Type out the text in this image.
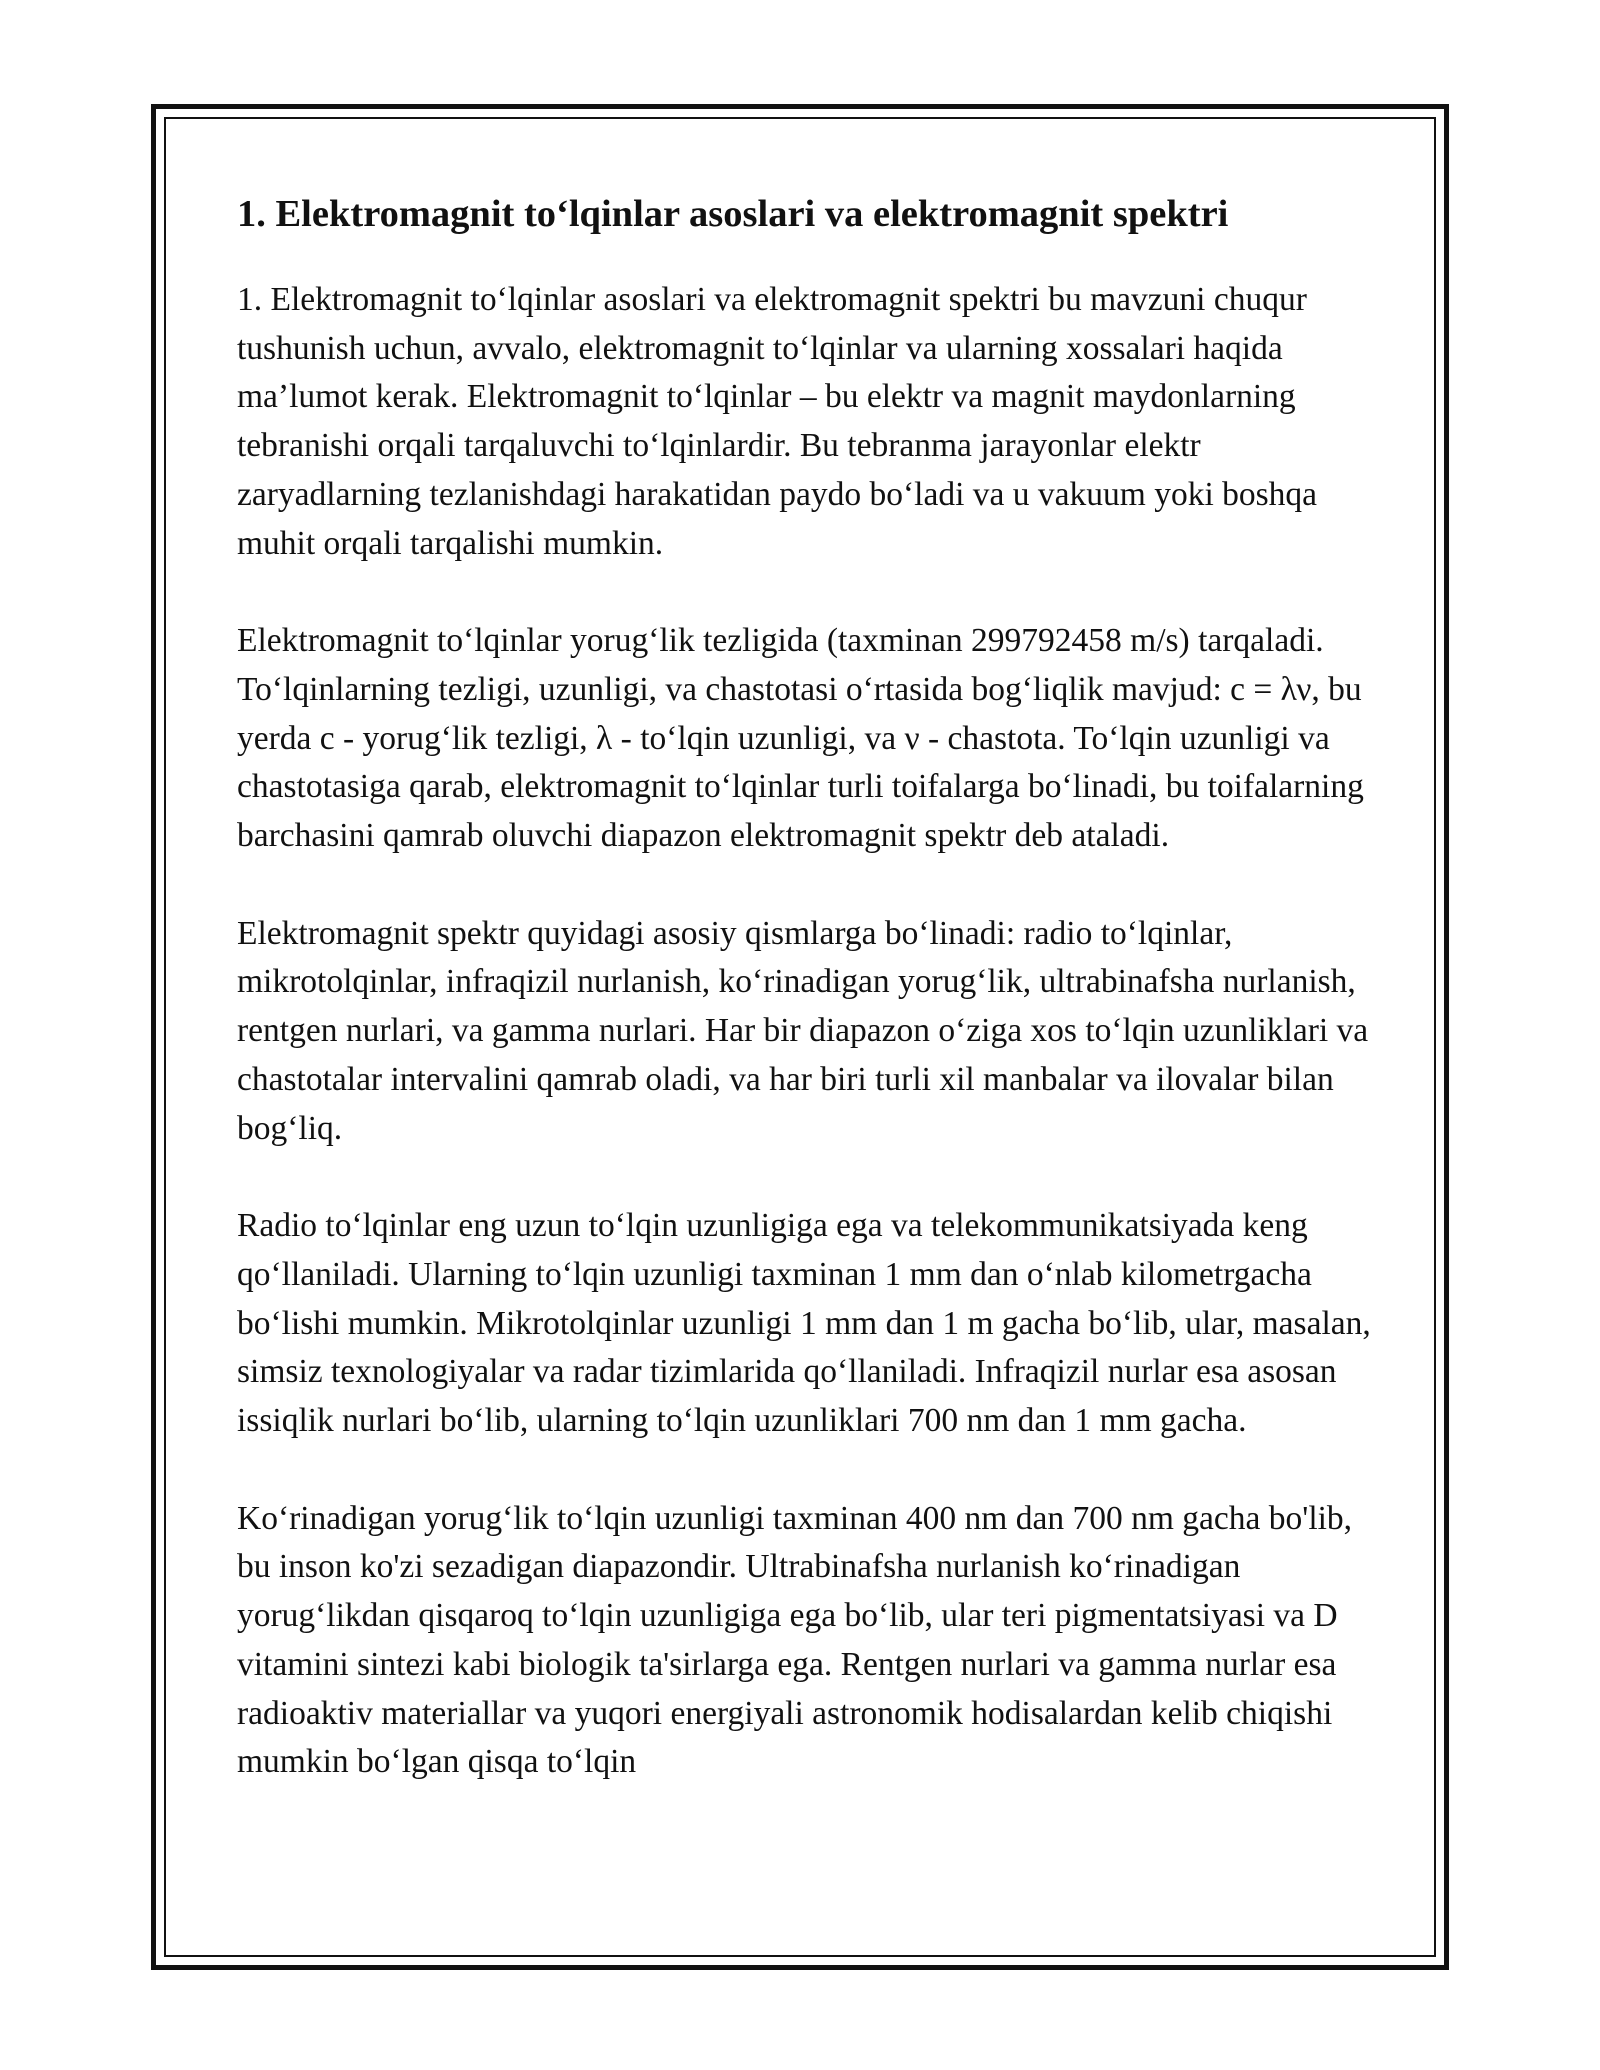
1. Elektromagnit to‘lqinlar asoslari va elektromagnit spektri

1. Elektromagnit to‘lqinlar asoslari va elektromagnit spektri bu mavzuni chuqur tushunish uchun, avvalo, elektromagnit to‘lqinlar va ularning xossalari haqida ma’lumot kerak. Elektromagnit to‘lqinlar – bu elektr va magnit maydonlarning tebranishi orqali tarqaluvchi to‘lqinlardir. Bu tebranma jarayonlar elektr zaryadlarning tezlanishdagi harakatidan paydo bo‘ladi va u vakuum yoki boshqa muhit orqali tarqalishi mumkin.

Elektromagnit to‘lqinlar yorug‘lik tezligida (taxminan 299792458 m/s) tarqaladi. To‘lqinlarning tezligi, uzunligi, va chastotasi o‘rtasida bog‘liqlik mavjud: c = λν, bu yerda c - yorug‘lik tezligi, λ - to‘lqin uzunligi, va ν - chastota. To‘lqin uzunligi va chastotasiga qarab, elektromagnit to‘lqinlar turli toifalarga bo‘linadi, bu toifalarning barchasini qamrab oluvchi diapazon elektromagnit spektr deb ataladi.

Elektromagnit spektr quyidagi asosiy qismlarga bo‘linadi: radio to‘lqinlar, mikrotolqinlar, infraqizil nurlanish, ko‘rinadigan yorug‘lik, ultrabinafsha nurlanish, rentgen nurlari, va gamma nurlari. Har bir diapazon o‘ziga xos to‘lqin uzunliklari va chastotalar intervalini qamrab oladi, va har biri turli xil manbalar va ilovalar bilan bog‘liq.

Radio to‘lqinlar eng uzun to‘lqin uzunligiga ega va telekommunikatsiyada keng qo‘llaniladi. Ularning to‘lqin uzunligi taxminan 1 mm dan o‘nlab kilometrgacha bo‘lishi mumkin. Mikrotolqinlar uzunligi 1 mm dan 1 m gacha bo‘lib, ular, masalan, simsiz texnologiyalar va radar tizimlarida qo‘llaniladi. Infraqizil nurlar esa asosan issiqlik nurlari bo‘lib, ularning to‘lqin uzunliklari 700 nm dan 1 mm gacha.

Ko‘rinadigan yorug‘lik to‘lqin uzunligi taxminan 400 nm dan 700 nm gacha bo'lib, bu inson ko'zi sezadigan diapazondir. Ultrabinafsha nurlanish ko‘rinadigan yorug‘likdan qisqaroq to‘lqin uzunligiga ega bo‘lib, ular teri pigmentatsiyasi va D vitamini sintezi kabi biologik ta'sirlarga ega. Rentgen nurlari va gamma nurlar esa radioaktiv materiallar va yuqori energiyali astronomik hodisalardan kelib chiqishi mumkin bo‘lgan qisqa to‘lqin
